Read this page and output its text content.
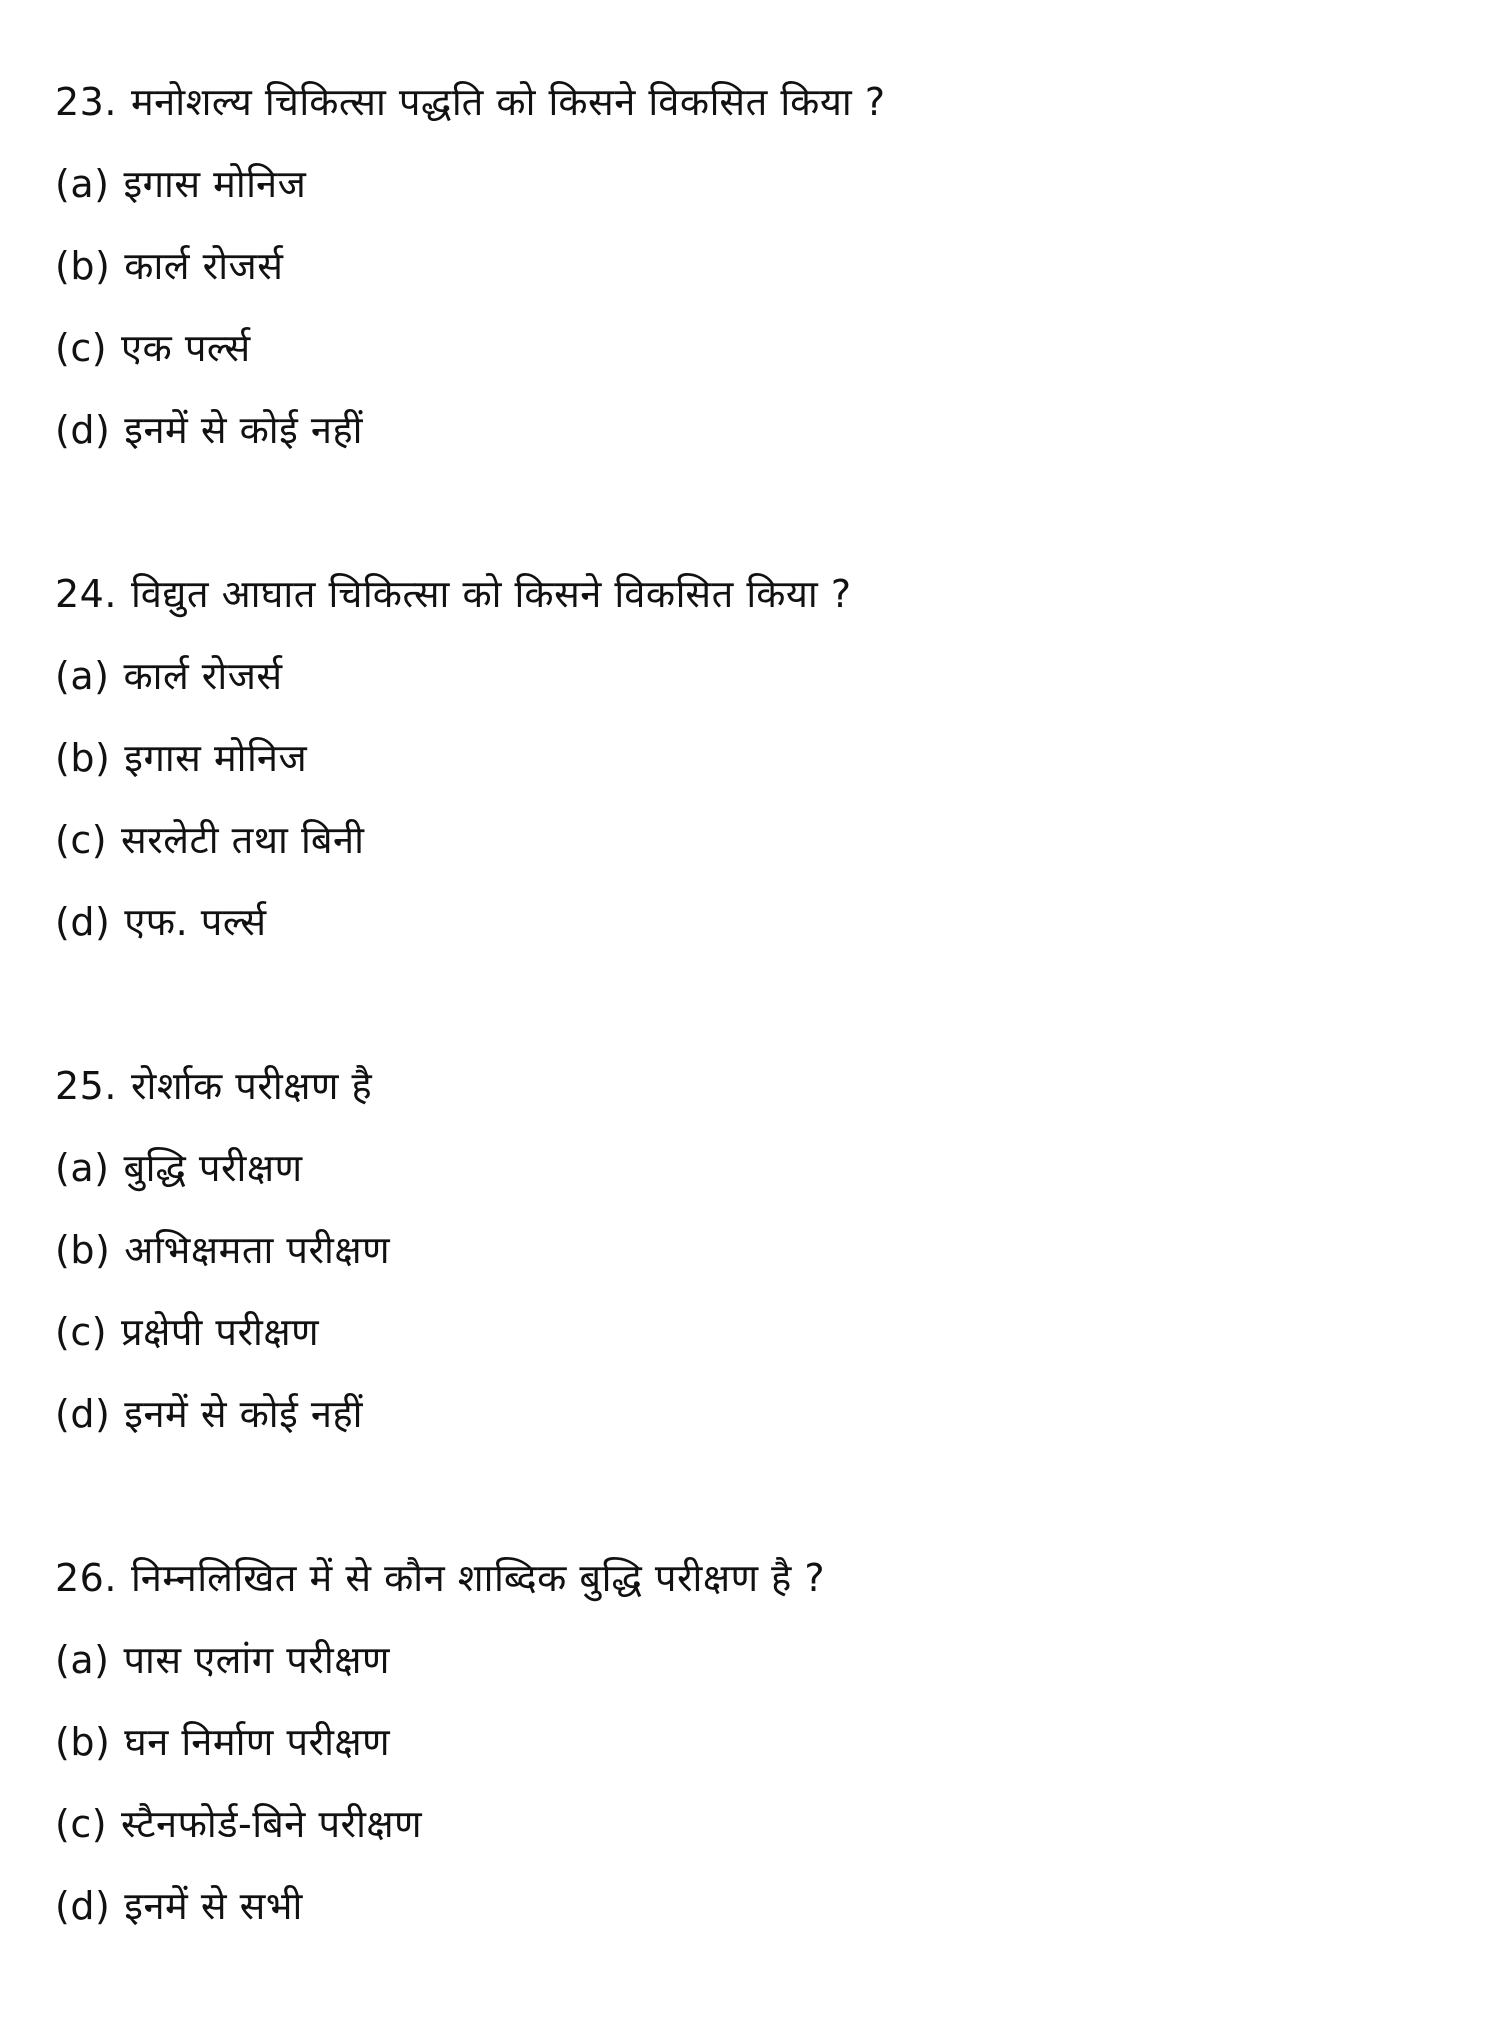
23. मनोशल्य चिकित्सा पद्धति को किसने विकसित किया ?
(a) इगास मोनिज
(b) कार्ल रोजर्स
(c) एक पर्ल्स
(d) इनमें से कोई नहीं
24. विद्युत आघात चिकित्सा को किसने विकसित किया ?
(a) कार्ल रोजर्स
(b) इगास मोनिज
(c) सरलेटी तथा बिनी
(d) एफ. पर्ल्स
25. रोर्शाक परीक्षण है
(a) बुद्धि परीक्षण
(b) अभिक्षमता परीक्षण
(c) प्रक्षेपी परीक्षण
(d) इनमें से कोई नहीं
26. निम्नलिखित में से कौन शाब्दिक बुद्धि परीक्षण है ?
(a) पास एलांग परीक्षण
(b) घन निर्माण परीक्षण
(c) स्टैनफोर्ड-बिने परीक्षण
(d) इनमें से सभी
